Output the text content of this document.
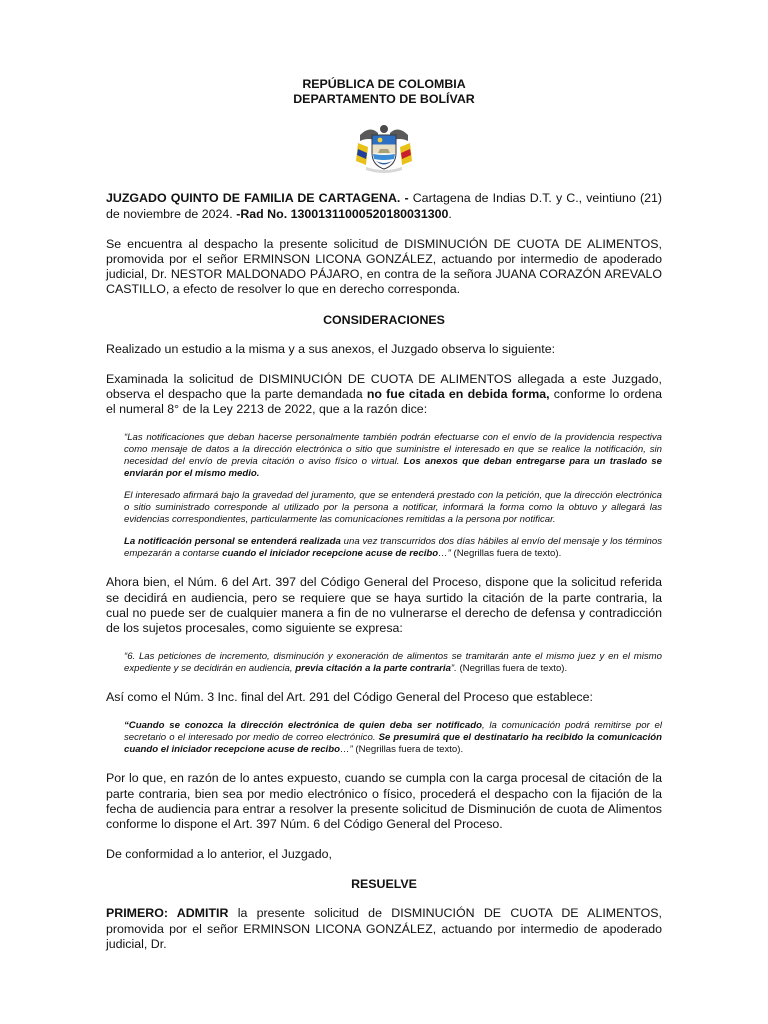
REPÚBLICA DE COLOMBIA

DEPARTAMENTO DE BOLÍVAR

JUZGADO QUINTO DE FAMILIA DE CARTAGENA. - Cartagena de Indias D.T. y C., veintiuno (21) de noviembre de 2024. -Rad No. 13001311000520180031300.

Se encuentra al despacho la presente solicitud de DISMINUCIÓN DE CUOTA DE ALIMENTOS, promovida por el señor ERMINSON LICONA GONZÁLEZ, actuando por intermedio de apoderado judicial, Dr. NESTOR MALDONADO PÁJARO, en contra de la señora JUANA CORAZÓN AREVALO CASTILLO, a efecto de resolver lo que en derecho corresponda.

CONSIDERACIONES

Realizado un estudio a la misma y a sus anexos, el Juzgado observa lo siguiente:

Examinada la solicitud de DISMINUCIÓN DE CUOTA DE ALIMENTOS allegada a este Juzgado, observa el despacho que la parte demandada no fue citada en debida forma, conforme lo ordena el numeral 8° de la Ley 2213 de 2022, que a la razón dice:

“Las notificaciones que deban hacerse personalmente también podrán efectuarse con el envío de la providencia respectiva como mensaje de datos a la dirección electrónica o sitio que suministre el interesado en que se realice la notificación, sin necesidad del envío de previa citación o aviso físico o virtual. Los anexos que deban entregarse para un traslado se enviarán por el mismo medio.

El interesado afirmará bajo la gravedad del juramento, que se entenderá prestado con la petición, que la dirección electrónica o sitio suministrado corresponde al utilizado por la persona a notificar, informará la forma como la obtuvo y allegará las evidencias correspondientes, particularmente las comunicaciones remitidas a la persona por notificar.

La notificación personal se entenderá realizada una vez transcurridos dos días hábiles al envío del mensaje y los términos empezarán a contarse cuando el iniciador recepcione acuse de recibo…” (Negrillas fuera de texto).

Ahora bien, el Núm. 6 del Art. 397 del Código General del Proceso, dispone que la solicitud referida se decidirá en audiencia, pero se requiere que se haya surtido la citación de la parte contraria, la cual no puede ser de cualquier manera a fin de no vulnerarse el derecho de defensa y contradicción de los sujetos procesales, como siguiente se expresa:

“6. Las peticiones de incremento, disminución y exoneración de alimentos se tramitarán ante el mismo juez y en el mismo expediente y se decidirán en audiencia, previa citación a la parte contraria”. (Negrillas fuera de texto).

Así como el Núm. 3 Inc. final del Art. 291 del Código General del Proceso que establece:

“Cuando se conozca la dirección electrónica de quien deba ser notificado, la comunicación podrá remitirse por el secretario o el interesado por medio de correo electrónico. Se presumirá que el destinatario ha recibido la comunicación cuando el iniciador recepcione acuse de recibo…” (Negrillas fuera de texto).

Por lo que, en razón de lo antes expuesto, cuando se cumpla con la carga procesal de citación de la parte contraria, bien sea por medio electrónico o físico, procederá el despacho con la fijación de la fecha de audiencia para entrar a resolver la presente solicitud de Disminución de cuota de Alimentos conforme lo dispone el Art. 397 Núm. 6 del Código General del Proceso.

De conformidad a lo anterior, el Juzgado,

RESUELVE

PRIMERO: ADMITIR la presente solicitud de DISMINUCIÓN DE CUOTA DE ALIMENTOS, promovida por el señor ERMINSON LICONA GONZÁLEZ, actuando por intermedio de apoderado judicial, Dr.
